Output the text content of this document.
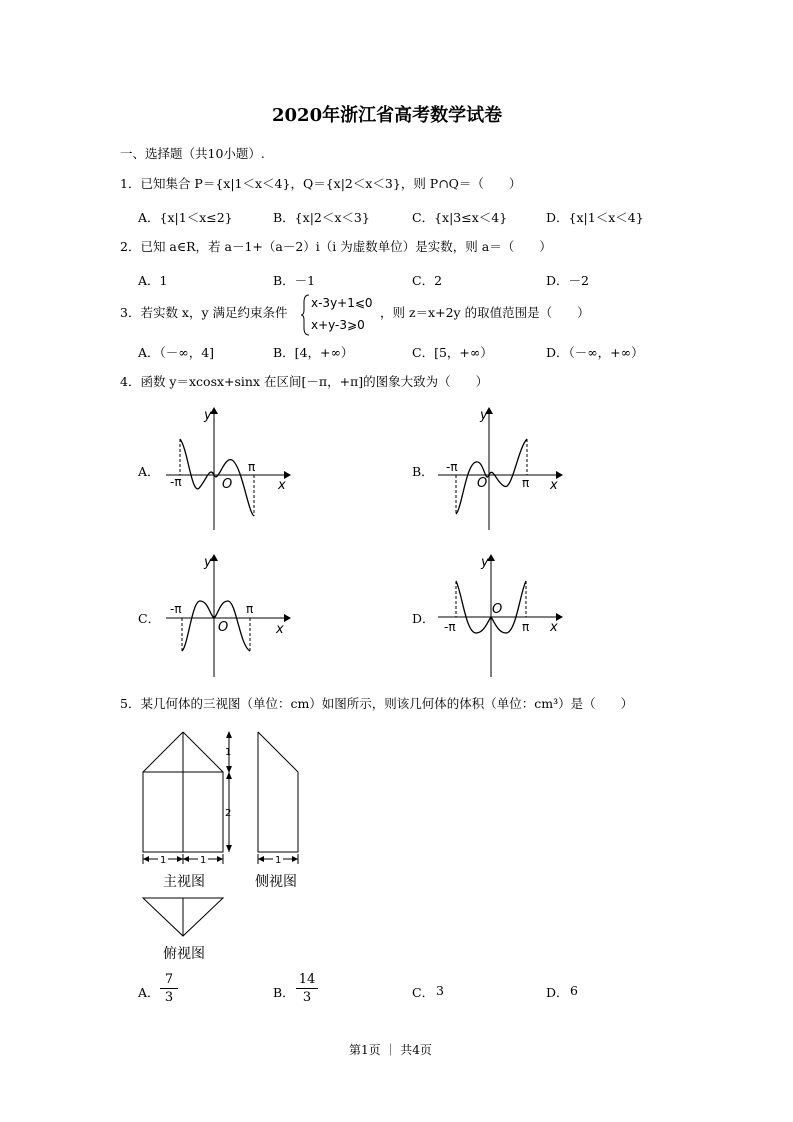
2020年浙江省高考数学试卷
一、选择题（共10小题）.
1．已知集合 P＝{x|1＜x＜4}，Q＝{x|2＜x＜3}，则 P∩Q＝（　　）
A．{x|1＜x≤2}	B．{x|2＜x＜3}	C．{x|3≤x＜4}	D．{x|1＜x＜4}
2．已知 a∈R，若 a－1+（a－2）i（i 为虚数单位）是实数，则 a＝（　　）
A．1	B．－1	C．2	D．－2
3．若实数 x，y 满足约束条件
x-3y+1⩽0
x+y-3⩾0
，则 z＝x+2y 的取值范围是（　　）
A．（－∞，4]	B．[4，+∞）	C．[5，+∞）	D．（－∞，+∞）
4．函数 y＝xcosx+sinx 在区间[－π，+π]的图象大致为（　　）
A．
y
-π
π
O	x
B．
y
-π
π
O	x
C．
y
-π	π
O	x
D．
y
-π	π
O
x
5．某几何体的三视图（单位：cm）如图所示，则该几何体的体积（单位：cm³）是（　　）
1
2
1	1
主视图
1
侧视图
俯视图
A．
7
3	B．
14
3	C． 3	D． 6
第1页 ｜ 共4页
